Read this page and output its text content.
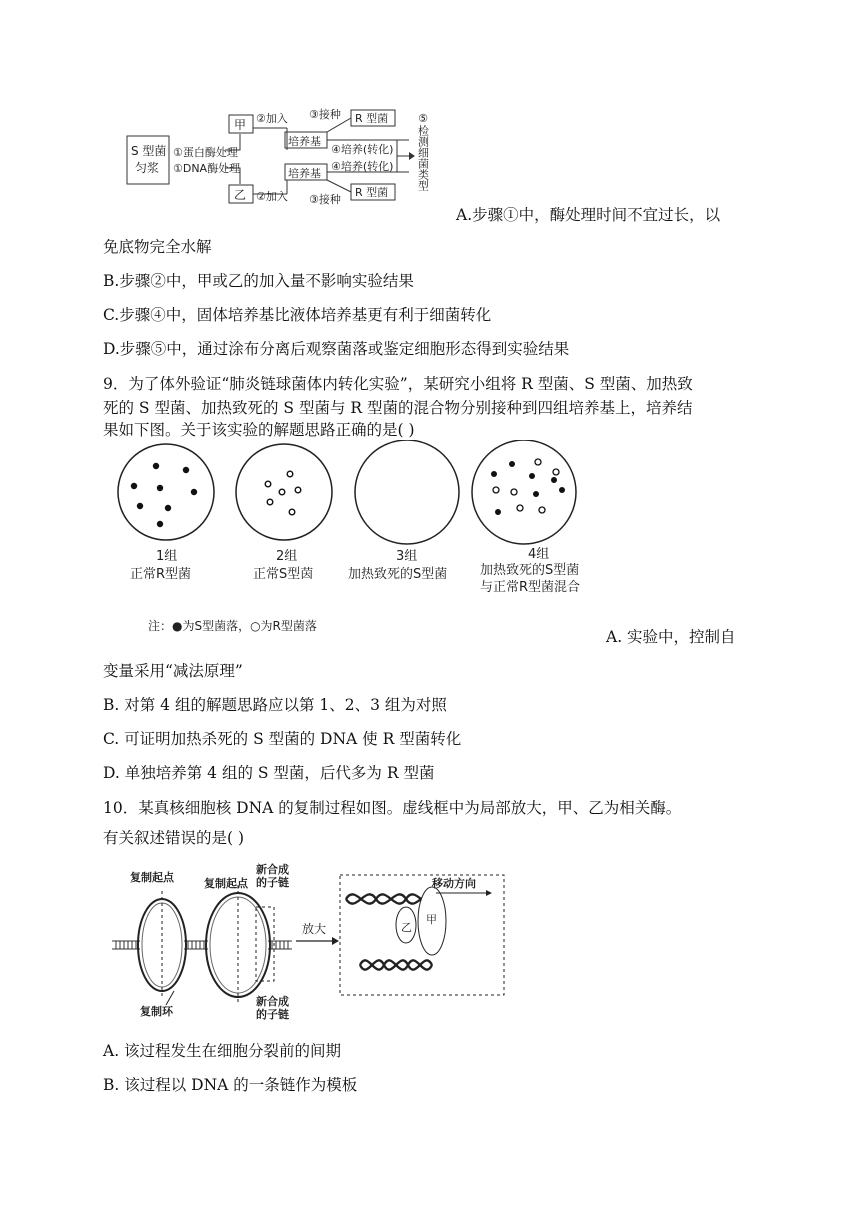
S 型菌
匀浆
①蛋白酶处理
①DNA酶处理
甲
乙
②加入
②加入
培养基
培养基
③接种 R 型菌
③接种
R 型菌
④培养(转化)
④培养(转化) ⑤检测细菌类型
A.步骤①中，酶处理时间不宜过长，以
免底物完全水解
B.步骤②中，甲或乙的加入量不影响实验结果
C.步骤④中，固体培养基比液体培养基更有利于细菌转化
D.步骤⑤中，通过涂布分离后观察菌落或鉴定细胞形态得到实验结果
9．为了体外验证“肺炎链球菌体内转化实验”，某研究小组将 R 型菌、S 型菌、加热致
死的 S 型菌、加热致死的 S 型菌与 R 型菌的混合物分别接种到四组培养基上，培养结
果如下图。关于该实验的解题思路正确的是( )
1组
正常R型菌
2组
正常S型茵
3组
加热致死的S型菌
4组
加热致死的S型菌
与正常R型菌混合
注：●为S型菌落，○为R型菌落
A. 实验中，控制自
变量采用“减法原理”
B. 对第 4 组的解题思路应以第 1、2、3 组为对照
C. 可证明加热杀死的 S 型菌的 DNA 使 R 型菌转化
D. 单独培养第 4 组的 S 型菌，后代多为 R 型菌
10．某真核细胞核 DNA 的复制过程如图。虚线框中为局部放大，甲、乙为相关酶。
有关叙述错误的是( )
复制起点	复制起点
新合成
的子链
新合成
的子链
复制环
放大
甲
乙
移动方向
A. 该过程发生在细胞分裂前的间期
B. 该过程以 DNA 的一条链作为模板
